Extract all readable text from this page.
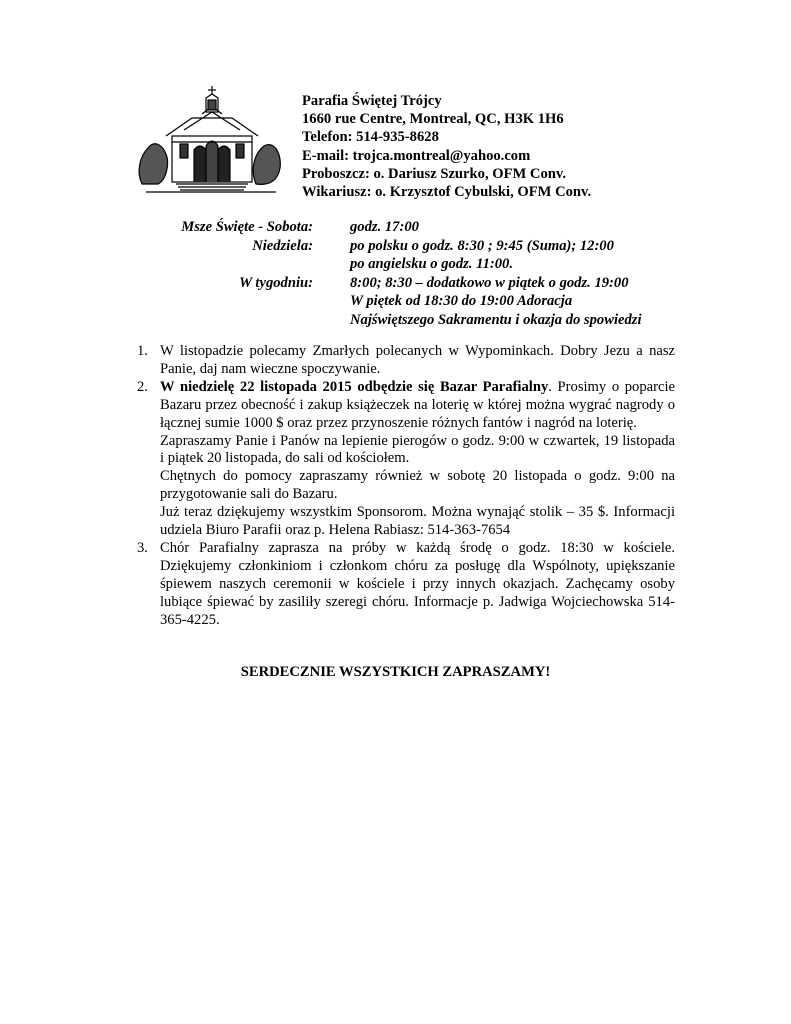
Parafia Świętej Trójcy
1660 rue Centre, Montreal, QC, H3K 1H6
Telefon: 514-935-8628
E-mail: trojca.montreal@yahoo.com
Proboszcz: o. Dariusz Szurko, OFM Conv.
Wikariusz: o. Krzysztof Cybulski, OFM Conv.
Msze Święte - Sobota:	godz. 17:00
Niedziela:	po polsku o godz. 8:30 ; 9:45 (Suma); 12:00
po angielsku o godz. 11:00.
W tygodniu:	8:00; 8:30 – dodatkowo w piątek o godz. 19:00
W piętek od 18:30 do 19:00 Adoracja
Najświętszego Sakramentu i okazja do spowiedzi
1. W listopadzie polecamy Zmarłych polecanych w Wypominkach. Dobry Jezu a nasz Panie, daj nam wieczne spoczywanie.

2. W niedzielę 22 listopada 2015 odbędzie się Bazar Parafialny. Prosimy o poparcie Bazaru przez obecność i zakup książeczek na loterię w której można wygrać nagrody o łącznej sumie 1000 $ oraz przez przynoszenie różnych fantów i nagród na loterię.

Zapraszamy Panie i Panów na lepienie pierogów o godz. 9:00 w czwartek, 19 listopada i piątek 20 listopada, do sali od kościołem.

Chętnych do pomocy zapraszamy również w sobotę 20 listopada o godz. 9:00 na przygotowanie sali do Bazaru.

Już teraz dziękujemy wszystkim Sponsorom. Można wynająć stolik – 35 $. Informacji udziela Biuro Parafii oraz p. Helena Rabiasz: 514-363-7654

3. Chór Parafialny zaprasza na próby w każdą środę o godz. 18:30 w kościele. Dziękujemy członkiniom i członkom chóru za posługę dla Wspólnoty, upiększanie śpiewem naszych ceremonii w kościele i przy innych okazjach. Zachęcamy osoby lubiące śpiewać by zasiliły szeregi chóru. Informacje p. Jadwiga Wojciechowska 514-365-4225.

SERDECZNIE WSZYSTKICH ZAPRASZAMY!
